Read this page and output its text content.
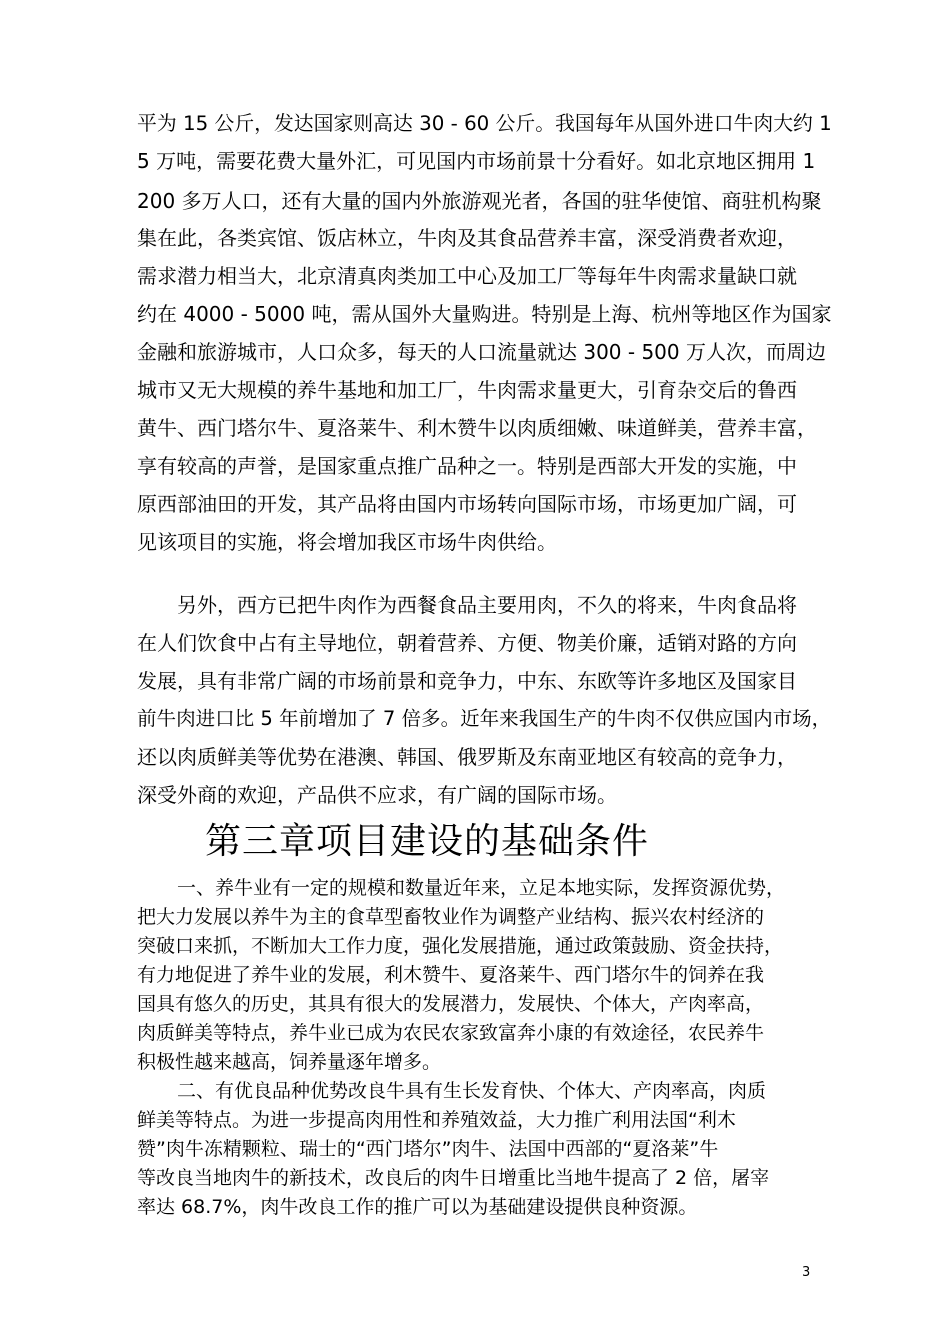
平为 15 公斤，发达国家则高达 30 - 60 公斤。我国每年从国外进口牛肉大约 1
5 万吨，需要花费大量外汇，可见国内市场前景十分看好。如北京地区拥用 1
200 多万人口，还有大量的国内外旅游观光者，各国的驻华使馆、商驻机构聚
集在此，各类宾馆、饭店林立，牛肉及其食品营养丰富，深受消费者欢迎，
需求潜力相当大，北京清真肉类加工中心及加工厂等每年牛肉需求量缺口就
约在 4000 - 5000 吨，需从国外大量购进。特别是上海、杭州等地区作为国家
金融和旅游城市，人口众多，每天的人口流量就达 300 - 500 万人次，而周边
城市又无大规模的养牛基地和加工厂，牛肉需求量更大，引育杂交后的鲁西
黄牛、西门塔尔牛、夏洛莱牛、利木赞牛以肉质细嫩、味道鲜美，营养丰富，
享有较高的声誉，是国家重点推广品种之一。特别是西部大开发的实施，中
原西部油田的开发，其产品将由国内市场转向国际市场，市场更加广阔，可
见该项目的实施，将会增加我区市场牛肉供给。
另外，西方已把牛肉作为西餐食品主要用肉，不久的将来，牛肉食品将
在人们饮食中占有主导地位，朝着营养、方便、物美价廉，适销对路的方向
发展，具有非常广阔的市场前景和竞争力，中东、东欧等许多地区及国家目
前牛肉进口比 5 年前增加了 7 倍多。近年来我国生产的牛肉不仅供应国内市场，
还以肉质鲜美等优势在港澳、韩国、俄罗斯及东南亚地区有较高的竞争力，
深受外商的欢迎，产品供不应求，有广阔的国际市场。
第三章项目建设的基础条件
一、养牛业有一定的规模和数量近年来，立足本地实际，发挥资源优势，
把大力发展以养牛为主的食草型畜牧业作为调整产业结构、振兴农村经济的
突破口来抓，不断加大工作力度，强化发展措施，通过政策鼓励、资金扶持，
有力地促进了养牛业的发展，利木赞牛、夏洛莱牛、西门塔尔牛的饲养在我
国具有悠久的历史，其具有很大的发展潜力，发展快、个体大，产肉率高，
肉质鲜美等特点，养牛业已成为农民农家致富奔小康的有效途径，农民养牛
积极性越来越高，饲养量逐年增多。
二、有优良品种优势改良牛具有生长发育快、个体大、产肉率高，肉质
鲜美等特点。为进一步提高肉用性和养殖效益，大力推广利用法国“利木
赞”肉牛冻精颗粒、瑞士的“西门塔尔”肉牛、法国中西部的“夏洛莱”牛
等改良当地肉牛的新技术，改良后的肉牛日增重比当地牛提高了 2 倍，屠宰
率达 68.7%，肉牛改良工作的推广可以为基础建设提供良种资源。
3
